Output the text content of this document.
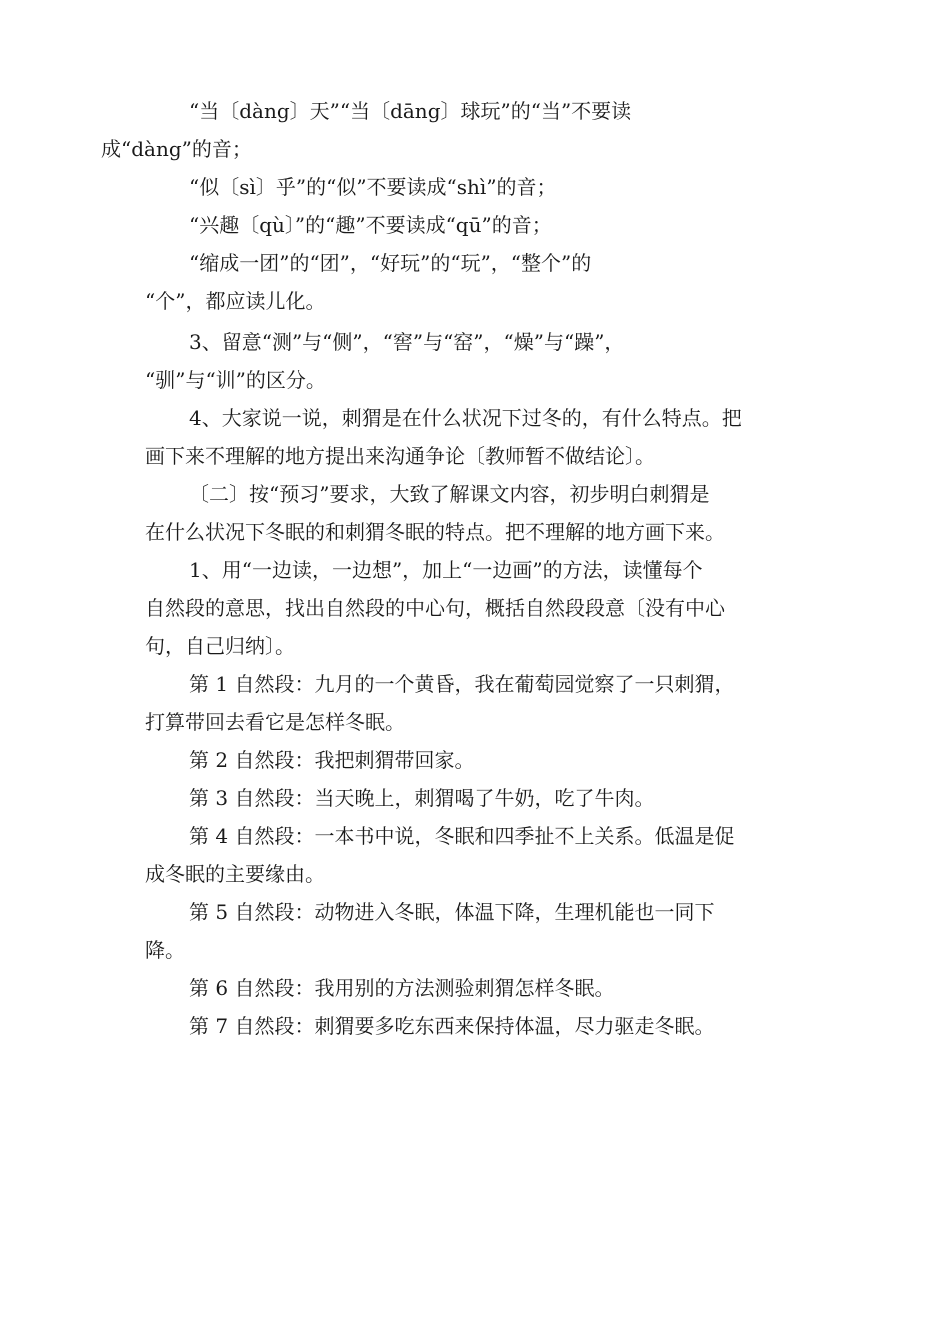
“当〔dàng〕天”“当〔dāng〕球玩”的“当”不要读
成“dàng”的音；

“似〔sì〕乎”的“似”不要读成“shì”的音；

“兴趣〔qù〕”的“趣”不要读成“qū”的音；

“缩成一团”的“团”，“好玩”的“玩”，“整个”的
“个”，都应读儿化。

3、留意“测”与“侧”，“窖”与“窑”，“燥”与“躁”，
“驯”与“训”的区分。

4、大家说一说，刺猬是在什么状况下过冬的，有什么特点。把
画下来不理解的地方提出来沟通争论〔教师暂不做结论〕。

〔二〕按“预习”要求，大致了解课文内容，初步明白刺猬是
在什么状况下冬眠的和刺猬冬眠的特点。把不理解的地方画下来。

1、用“一边读，一边想”，加上“一边画”的方法，读懂每个
自然段的意思，找出自然段的中心句，概括自然段段意〔没有中心
句，自己归纳〕。

第 1 自然段：九月的一个黄昏，我在葡萄园觉察了一只刺猬，
打算带回去看它是怎样冬眠。

第 2 自然段：我把刺猬带回家。

第 3 自然段：当天晚上，刺猬喝了牛奶，吃了牛肉。

第 4 自然段：一本书中说，冬眠和四季扯不上关系。低温是促
成冬眠的主要缘由。

第 5 自然段：动物进入冬眠，体温下降，生理机能也一同下
降。

第 6 自然段：我用别的方法测验刺猬怎样冬眠。

第 7 自然段：刺猬要多吃东西来保持体温，尽力驱走冬眠。
